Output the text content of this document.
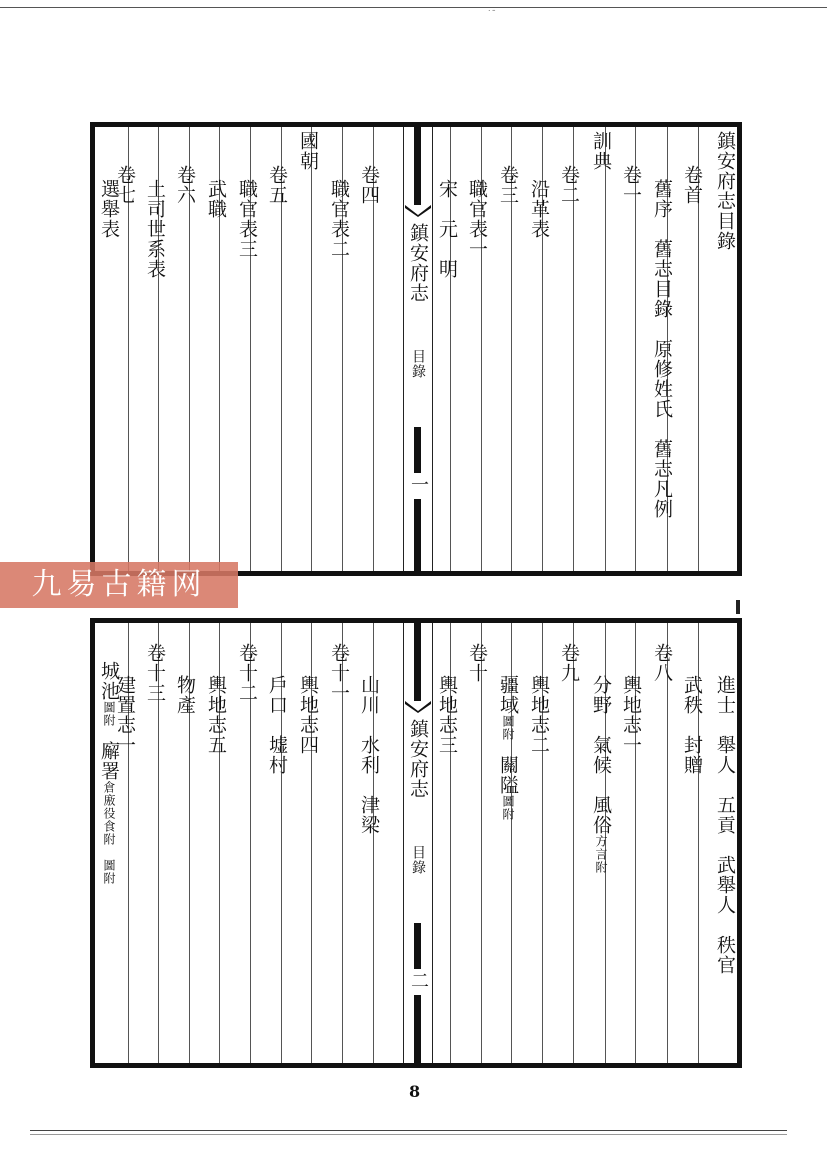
˙ˉ
鎮安府志
目錄
一
鎮安府志目錄
卷首
舊序　舊志目錄　原修姓氏　舊志凡例
卷一
訓典
卷二
沿革表
卷三
職官表一
宋　元　明
卷四
職官表二
國朝
卷五
職官表三
武職
卷六
土司世系表
卷七
選舉表
鎮安府志
目錄
二
進士　舉人　五貢　武舉人　秩官
武秩　封贈
卷八
輿地志一
分野　氣候　風俗方言附
卷九
輿地志二
疆域圖附關隘圖附
卷十
輿地志三
山川　水利　津梁
卷十一
輿地志四
戶口　墟村
卷十二
輿地志五
物產
卷十三
建置志一
城池圖附廨署倉廒役食附　圖附
九易古籍网
8
